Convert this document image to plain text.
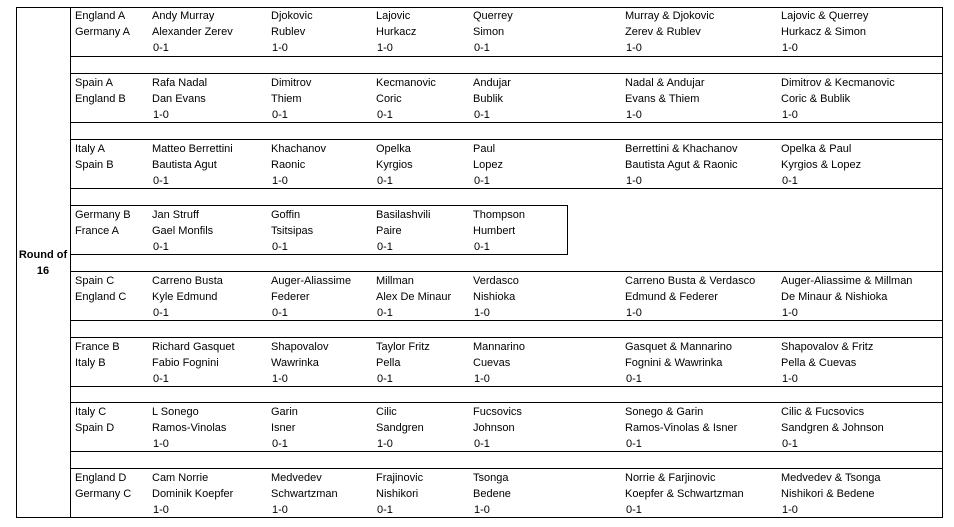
Round of
16
England A
Germany A
Andy Murray
Alexander Zerev
0-1
Djokovic
Rublev
1-0
Lajovic
Hurkacz
1-0
Querrey
Simon
0-1
Murray & Djokovic
Zerev & Rublev
1-0
Lajovic & Querrey
Hurkacz & Simon
1-0
Spain A
England B
Rafa Nadal
Dan Evans
1-0
Dimitrov
Thiem
0-1
Kecmanovic
Coric
0-1
Andujar
Bublik
0-1
Nadal & Andujar
Evans & Thiem
1-0
Dimitrov & Kecmanovic
Coric & Bublik
1-0
Italy A
Spain B
Matteo Berrettini
Bautista Agut
0-1
Khachanov
Raonic
1-0
Opelka
Kyrgios
0-1
Paul
Lopez
0-1
Berrettini & Khachanov
Bautista Agut & Raonic
1-0
Opelka & Paul
Kyrgios & Lopez
0-1
Germany B
France A
Jan Struff
Gael Monfils
0-1
Goffin
Tsitsipas
0-1
Basilashvili
Paire
0-1
Thompson
Humbert
0-1
Spain C
England C
Carreno Busta
Kyle Edmund
0-1
Auger-Aliassime
Federer
0-1
Millman
Alex De Minaur
0-1
Verdasco
Nishioka
1-0
Carreno Busta & Verdasco
Edmund & Federer
1-0
Auger-Aliassime & Millman
De Minaur & Nishioka
1-0
France B
Italy B
Richard Gasquet
Fabio Fognini
0-1
Shapovalov
Wawrinka
1-0
Taylor Fritz
Pella
0-1
Mannarino
Cuevas
1-0
Gasquet & Mannarino
Fognini & Wawrinka
0-1
Shapovalov & Fritz
Pella & Cuevas
1-0
Italy C
Spain D
L Sonego
Ramos-Vinolas
1-0
Garin
Isner
0-1
Cilic
Sandgren
1-0
Fucsovics
Johnson
0-1
Sonego & Garin
Ramos-Vinolas & Isner
0-1
Cilic & Fucsovics
Sandgren & Johnson
0-1
England D
Germany C
Cam Norrie
Dominik Koepfer
1-0
Medvedev
Schwartzman
1-0
Frajinovic
Nishikori
0-1
Tsonga
Bedene
1-0
Norrie & Farjinovic
Koepfer & Schwartzman
0-1
Medvedev & Tsonga
Nishikori & Bedene
1-0
